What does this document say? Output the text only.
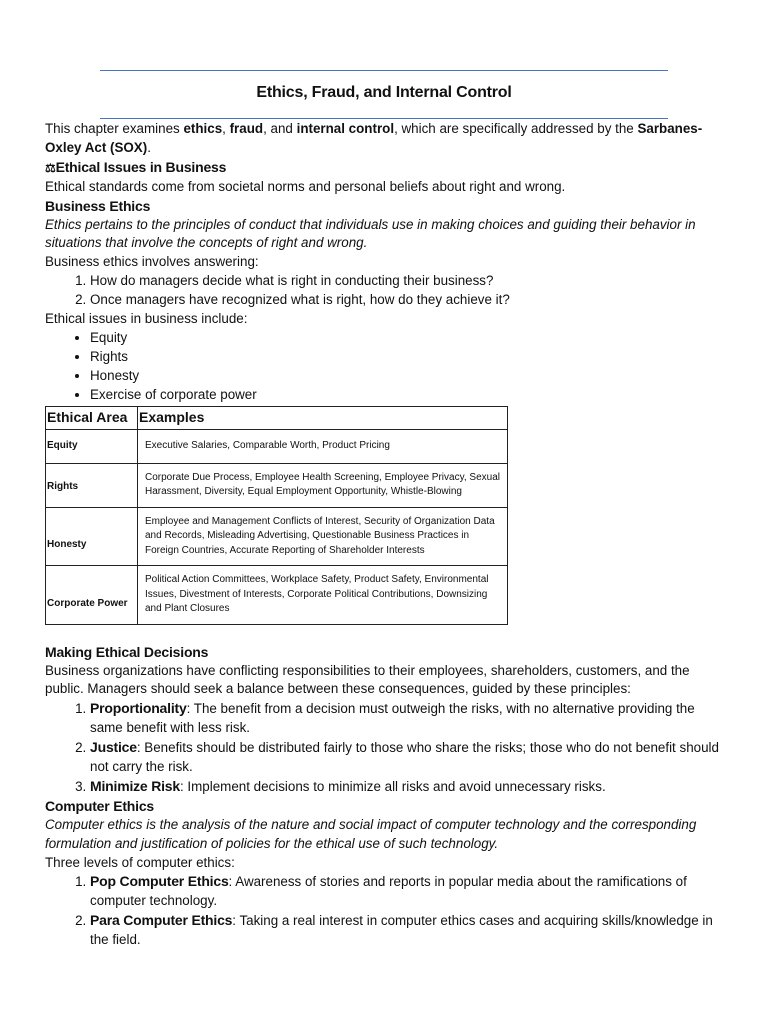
Ethics, Fraud, and Internal Control

This chapter examines ethics, fraud, and internal control, which are specifically addressed by the Sarbanes-Oxley Act (SOX).

⚖Ethical Issues in Business

Ethical standards come from societal norms and personal beliefs about right and wrong.

Business Ethics

Ethics pertains to the principles of conduct that individuals use in making choices and guiding their behavior in situations that involve the concepts of right and wrong.

Business ethics involves answering:

1. How do managers decide what is right in conducting their business?
2. Once managers have recognized what is right, how do they achieve it?

Ethical issues in business include:

• Equity
• Rights
• Honesty
• Exercise of corporate power
Ethical Area	Examples
Equity	Executive Salaries, Comparable Worth, Product Pricing
Rights	Corporate Due Process, Employee Health Screening, Employee Privacy, Sexual Harassment, Diversity, Equal Employment Opportunity, Whistle-Blowing
Honesty	Employee and Management Conflicts of Interest, Security of Organization Data and Records, Misleading Advertising, Questionable Business Practices in Foreign Countries, Accurate Reporting of Shareholder Interests
Corporate Power	Political Action Committees, Workplace Safety, Product Safety, Environmental Issues, Divestment of Interests, Corporate Political Contributions, Downsizing and Plant Closures

Making Ethical Decisions

Business organizations have conflicting responsibilities to their employees, shareholders, customers, and the public. Managers should seek a balance between these consequences, guided by these principles:

1. Proportionality: The benefit from a decision must outweigh the risks, with no alternative providing the same benefit with less risk.
2. Justice: Benefits should be distributed fairly to those who share the risks; those who do not benefit should not carry the risk.
3. Minimize Risk: Implement decisions to minimize all risks and avoid unnecessary risks.

Computer Ethics

Computer ethics is the analysis of the nature and social impact of computer technology and the corresponding formulation and justification of policies for the ethical use of such technology.

Three levels of computer ethics:

1. Pop Computer Ethics: Awareness of stories and reports in popular media about the ramifications of computer technology.
2. Para Computer Ethics: Taking a real interest in computer ethics cases and acquiring skills/knowledge in the field.
